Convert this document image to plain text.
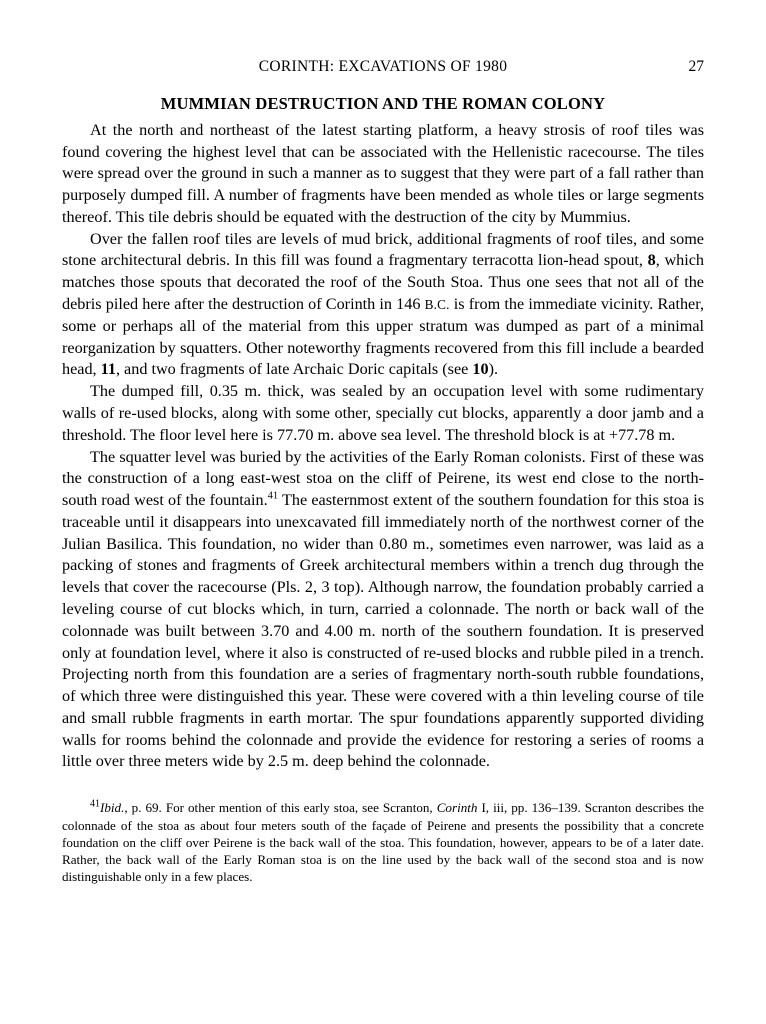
CORINTH: EXCAVATIONS OF 1980	27
MUMMIAN DESTRUCTION AND THE ROMAN COLONY

At the north and northeast of the latest starting platform, a heavy strosis of roof tiles was found covering the highest level that can be associated with the Hellenistic racecourse. The tiles were spread over the ground in such a manner as to suggest that they were part of a fall rather than purposely dumped fill. A number of fragments have been mended as whole tiles or large segments thereof. This tile debris should be equated with the destruction of the city by Mummius.

Over the fallen roof tiles are levels of mud brick, additional fragments of roof tiles, and some stone architectural debris. In this fill was found a fragmentary terracotta lion-head spout, 8, which matches those spouts that decorated the roof of the South Stoa. Thus one sees that not all of the debris piled here after the destruction of Corinth in 146 B.C. is from the immediate vicinity. Rather, some or perhaps all of the material from this upper stratum was dumped as part of a minimal reorganization by squatters. Other noteworthy fragments recovered from this fill include a bearded head, 11, and two fragments of late Archaic Doric capitals (see 10).

The dumped fill, 0.35 m. thick, was sealed by an occupation level with some rudimentary walls of re-used blocks, along with some other, specially cut blocks, apparently a door jamb and a threshold. The floor level here is 77.70 m. above sea level. The threshold block is at +77.78 m.

The squatter level was buried by the activities of the Early Roman colonists. First of these was the construction of a long east-west stoa on the cliff of Peirene, its west end close to the north-south road west of the fountain.$^{41}$ The easternmost extent of the southern foundation for this stoa is traceable until it disappears into unexcavated fill immediately north of the northwest corner of the Julian Basilica. This foundation, no wider than 0.80 m., sometimes even narrower, was laid as a packing of stones and fragments of Greek architectural members within a trench dug through the levels that cover the racecourse (Pls. 2, 3 top). Although narrow, the foundation probably carried a leveling course of cut blocks which, in turn, carried a colonnade. The north or back wall of the colonnade was built between 3.70 and 4.00 m. north of the southern foundation. It is preserved only at foundation level, where it also is constructed of re-used blocks and rubble piled in a trench. Projecting north from this foundation are a series of fragmentary north-south rubble foundations, of which three were distinguished this year. These were covered with a thin leveling course of tile and small rubble fragments in earth mortar. The spur foundations apparently supported dividing walls for rooms behind the colonnade and provide the evidence for restoring a series of rooms a little over three meters wide by 2.5 m. deep behind the colonnade.

$^{41}$Ibid., p. 69. For other mention of this early stoa, see Scranton, Corinth I, iii, pp. 136–139. Scranton describes the colonnade of the stoa as about four meters south of the façade of Peirene and presents the possibility that a concrete foundation on the cliff over Peirene is the back wall of the stoa. This foundation, however, appears to be of a later date. Rather, the back wall of the Early Roman stoa is on the line used by the back wall of the second stoa and is now distinguishable only in a few places.
